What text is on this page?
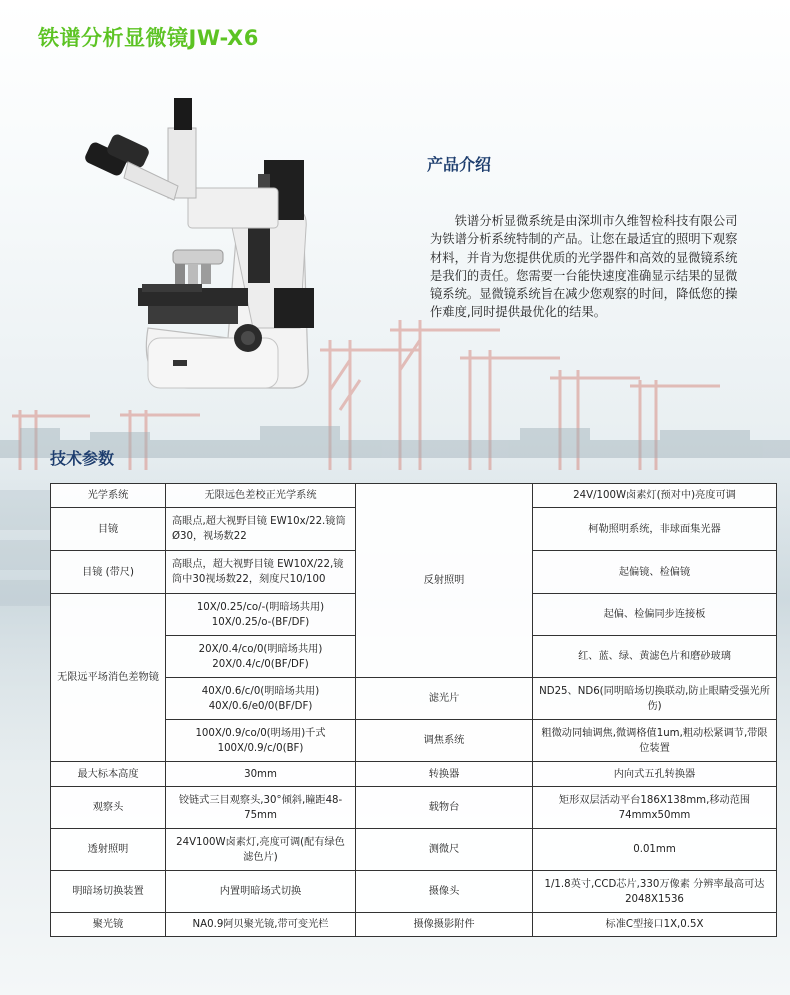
铁谱分析显微镜JW-X6
产品介绍

铁谱分析显微系统是由深圳市久维智检科技有限公司为铁谱分析系统特制的产品。让您在最适宜的照明下观察材料，并肯为您提供优质的光学器件和高效的显微镜系统是我们的责任。您需要一台能快速度准确显示结果的显微镜系统。显微镜系统旨在减少您观察的时间，降低您的操作难度,同时提供最优化的结果。

技术参数
光学系统	无限远色差校正光学系统	反射照明	24V/100W卤素灯(预对中)亮度可调
目镜	高眼点,超大视野目镜 EW10x/22.镜筒Ø30，视场数22		柯勒照明系统，非球面集光器
目镜 (带尺)	高眼点，超大视野目镜 EW10X/22,镜筒中30视场数22，刻度尺10/100		起偏镜、检偏镜
无限远平场消色差物镜	10X/0.25/co/-(明暗场共用) 10X/0.25/o-(BF/DF)		起偏、检偏同步连接板
	20X/0.4/co/0(明暗场共用) 20X/0.4/c/0(BF/DF)		红、蓝、绿、黄滤色片和磨砂玻璃
	40X/0.6/c/0(明暗场共用) 40X/0.6/e0/0(BF/DF)	滤光片	ND25、ND6(同明暗场切换联动,防止眼睛受强光所伤)
	100X/0.9/co/0(明场用)千式 100X/0.9/c/0(BF)	调焦系统	粗微动同轴调焦,微调格值1um,粗动松紧调节,带限位装置
最大标本高度	30mm	转换器	内向式五孔转换器
观察头	铰链式三目观察头,30°倾斜,瞳距48-75mm	载物台	矩形双层活动平台186X138mm,移动范围74mmx50mm
透射照明	24V100W卤素灯,亮度可调(配有绿色滤色片)	测微尺	0.01mm
明暗场切换装置	内置明暗场式切换	摄像头	1/1.8英寸,CCD芯片,330万像素 分辨率最高可达2048X1536
聚光镜	NA0.9阿贝聚光镜,带可变光栏	摄像摄影附件	标准C型接口1X,0.5X
